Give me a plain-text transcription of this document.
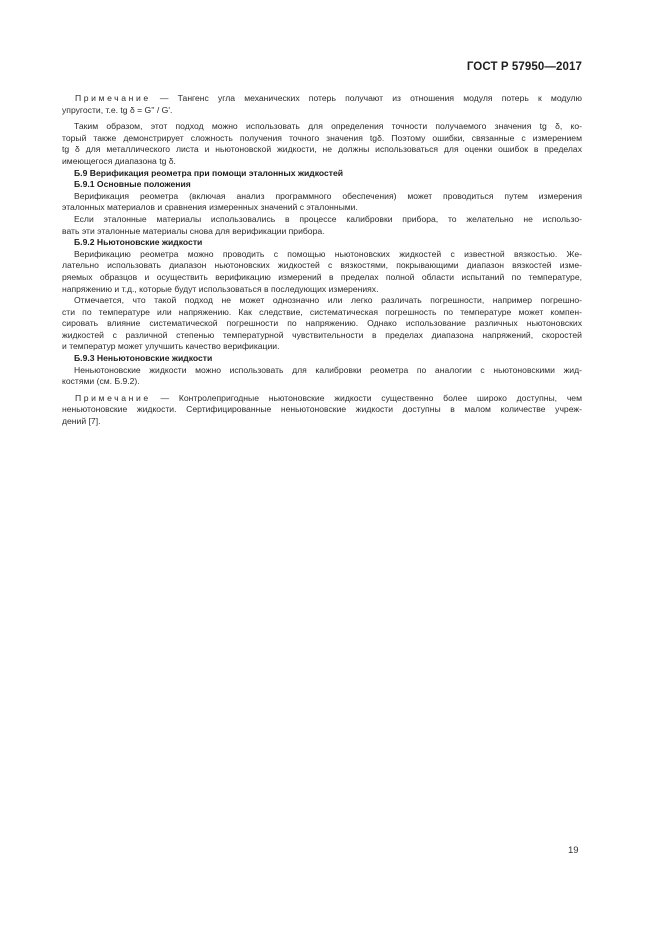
ГОСТ Р 57950—2017
Примечание — Тангенс угла механических потерь получают из отношения модуля потерь к модулю
упругости, т.е. tg δ = G'' / G'.
Таким образом, этот подход можно использовать для определения точности получаемого значения tg δ, ко-
торый также демонстрирует сложность получения точного значения tgδ. Поэтому ошибки, связанные с измерением
tg δ для металлического листа и ньютоновской жидкости, не должны использоваться для оценки ошибок в пределах
имеющегося диапазона tg δ.
Б.9 Верификация реометра при помощи эталонных жидкостей
Б.9.1 Основные положения
Верификация реометра (включая анализ программного обеспечения) может проводиться путем измерения
эталонных материалов и сравнения измеренных значений с эталонными.
Если эталонные материалы использовались в процессе калибровки прибора, то желательно не использо-
вать эти эталонные материалы снова для верификации прибора.
Б.9.2 Ньютоновские жидкости
Верификацию реометра можно проводить с помощью ньютоновских жидкостей с известной вязкостью. Же-
лательно использовать диапазон ньютоновских жидкостей с вязкостями, покрывающими диапазон вязкостей изме-
ряемых образцов и осуществить верификацию измерений в пределах полной области испытаний по температуре,
напряжению и т.д., которые будут использоваться в последующих измерениях.
Отмечается, что такой подход не может однозначно или легко различать погрешности, например погрешно-
сти по температуре или напряжению. Как следствие, систематическая погрешность по температуре может компен-
сировать влияние систематической погрешности по напряжению. Однако использование различных ньютоновских
жидкостей с различной степенью температурной чувствительности в пределах диапазона напряжений, скоростей
и температур может улучшить качество верификации.
Б.9.3 Неньютоновские жидкости
Неньютоновские жидкости можно использовать для калибровки реометра по аналогии с ньютоновскими жид-
костями (см. Б.9.2).
Примечание — Контролепригодные ньютоновские жидкости существенно более широко доступны, чем
неньютоновские жидкости. Сертифицированные неньютоновские жидкости доступны в малом количестве учреж-
дений [7].
19
